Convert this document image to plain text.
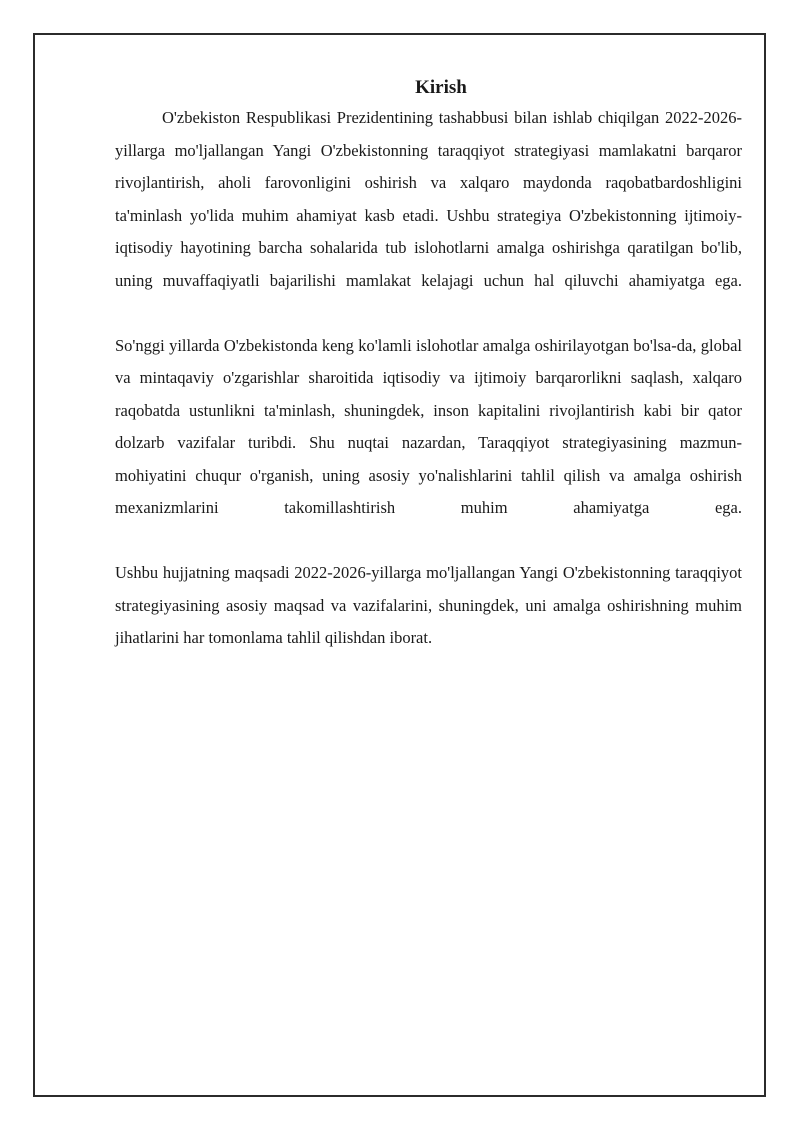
Kirish

O'zbekiston Respublikasi Prezidentining tashabbusi bilan ishlab chiqilgan 2022-2026-yillarga mo'ljallangan Yangi O'zbekistonning taraqqiyot strategiyasi mamlakatni barqaror rivojlantirish, aholi farovonligini oshirish va xalqaro maydonda raqobatbardoshligini ta'minlash yo'lida muhim ahamiyat kasb etadi. Ushbu strategiya O'zbekistonning ijtimoiy-iqtisodiy hayotining barcha sohalarida tub islohotlarni amalga oshirishga qaratilgan bo'lib, uning muvaffaqiyatli bajarilishi mamlakat kelajagi uchun hal qiluvchi ahamiyatga ega.

So'nggi yillarda O'zbekistonda keng ko'lamli islohotlar amalga oshirilayotgan bo'lsa-da, global va mintaqaviy o'zgarishlar sharoitida iqtisodiy va ijtimoiy barqarorlikni saqlash, xalqaro raqobatda ustunlikni ta'minlash, shuningdek, inson kapitalini rivojlantirish kabi bir qator dolzarb vazifalar turibdi. Shu nuqtai nazardan, Taraqqiyot strategiyasining mazmun-mohiyatini chuqur o'rganish, uning asosiy yo'nalishlarini tahlil qilish va amalga oshirish mexanizmlarini takomillashtirish muhim ahamiyatga ega.

Ushbu hujjatning maqsadi 2022-2026-yillarga mo'ljallangan Yangi O'zbekistonning taraqqiyot strategiyasining asosiy maqsad va vazifalarini, shuningdek, uni amalga oshirishning muhim jihatlarini har tomonlama tahlil qilishdan iborat.
